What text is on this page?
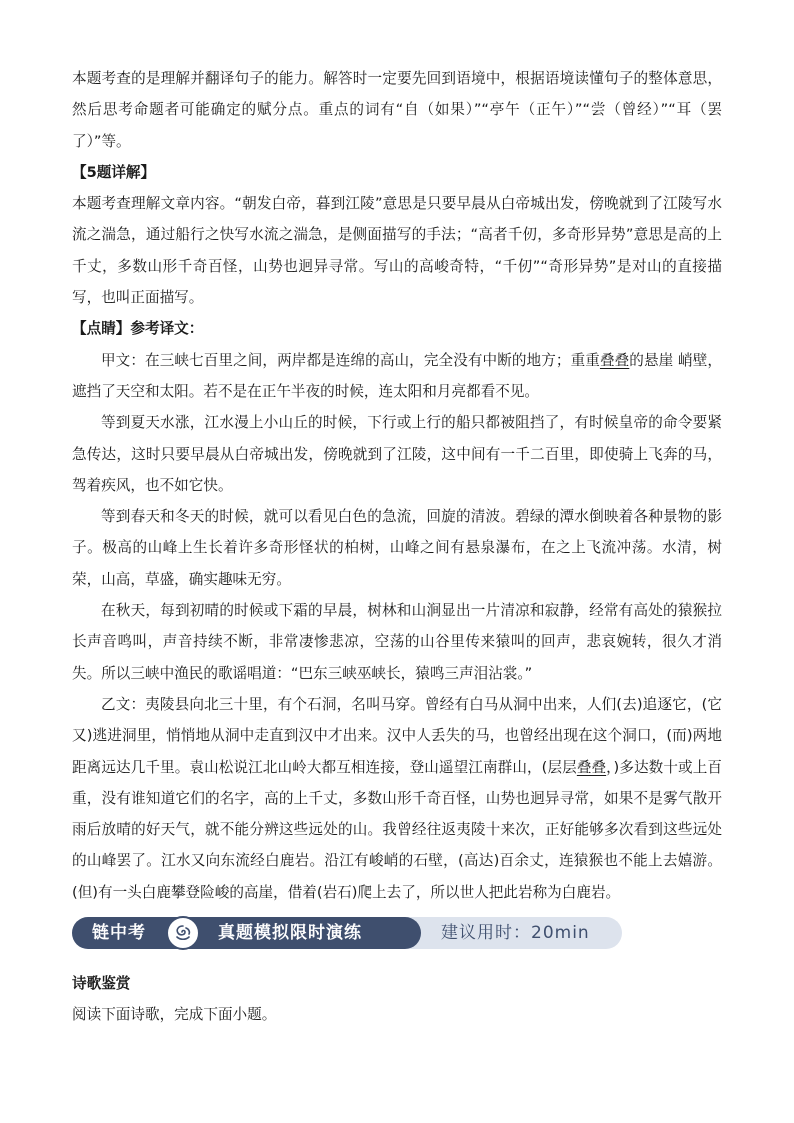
本题考查的是理解并翻译句子的能力。解答时一定要先回到语境中，根据语境读懂句子的整体意思，然后思考命题者可能确定的赋分点。重点的词有“自（如果）”“亭午（正午）”“尝（曾经）”“耳（罢了）”等。

【5题详解】

本题考查理解文章内容。“朝发白帝，暮到江陵”意思是只要早晨从白帝城出发，傍晚就到了江陵写水流之湍急，通过船行之快写水流之湍急，是侧面描写的手法；“高者千仞，多奇形异势”意思是高的上千丈，多数山形千奇百怪，山势也迥异寻常。写山的高峻奇特，“千仞”“奇形异势”是对山的直接描写，也叫正面描写。

【点睛】参考译文：

甲文：在三峡七百里之间，两岸都是连绵的高山，完全没有中断的地方；重重叠叠的悬崖 峭壁，遮挡了天空和太阳。若不是在正午半夜的时候，连太阳和月亮都看不见。

等到夏天水涨，江水漫上小山丘的时候，下行或上行的船只都被阻挡了，有时候皇帝的命令要紧急传达，这时只要早晨从白帝城出发，傍晚就到了江陵，这中间有一千二百里，即使骑上飞奔的马，驾着疾风，也不如它快。

等到春天和冬天的时候，就可以看见白色的急流，回旋的清波。碧绿的潭水倒映着各种景物的影子。极高的山峰上生长着许多奇形怪状的柏树，山峰之间有悬泉瀑布，在之上飞流冲荡。水清，树荣，山高，草盛，确实趣味无穷。

在秋天，每到初晴的时候或下霜的早晨，树林和山涧显出一片清凉和寂静，经常有高处的猿猴拉长声音鸣叫，声音持续不断，非常凄惨悲凉，空荡的山谷里传来猿叫的回声，悲哀婉转，很久才消失。所以三峡中渔民的歌谣唱道：“巴东三峡巫峡长，猿鸣三声泪沾裳。”

乙文：夷陵县向北三十里，有个石洞，名叫马穿。曾经有白马从洞中出来，人们(去)追逐它，(它又)逃进洞里，悄悄地从洞中走直到汉中才出来。汉中人丢失的马，也曾经出现在这个洞口，(而)两地距离远达几千里。袁山松说江北山岭大都互相连接，登山遥望江南群山，(层层叠叠，)多达数十或上百重，没有谁知道它们的名字，高的上千丈，多数山形千奇百怪，山势也迥异寻常，如果不是雾气散开雨后放晴的好天气，就不能分辨这些远处的山。我曾经往返夷陵十来次，正好能够多次看到这些远处的山峰罢了。江水又向东流经白鹿岩。沿江有峻峭的石壁，(高达)百余丈，连猿猴也不能上去嬉游。(但)有一头白鹿攀登险峻的高崖，借着(岩石)爬上去了，所以世人把此岩称为白鹿岩。

链中考	真题模拟限时演练	建议用时：20min

诗歌鉴赏

阅读下面诗歌，完成下面小题。
